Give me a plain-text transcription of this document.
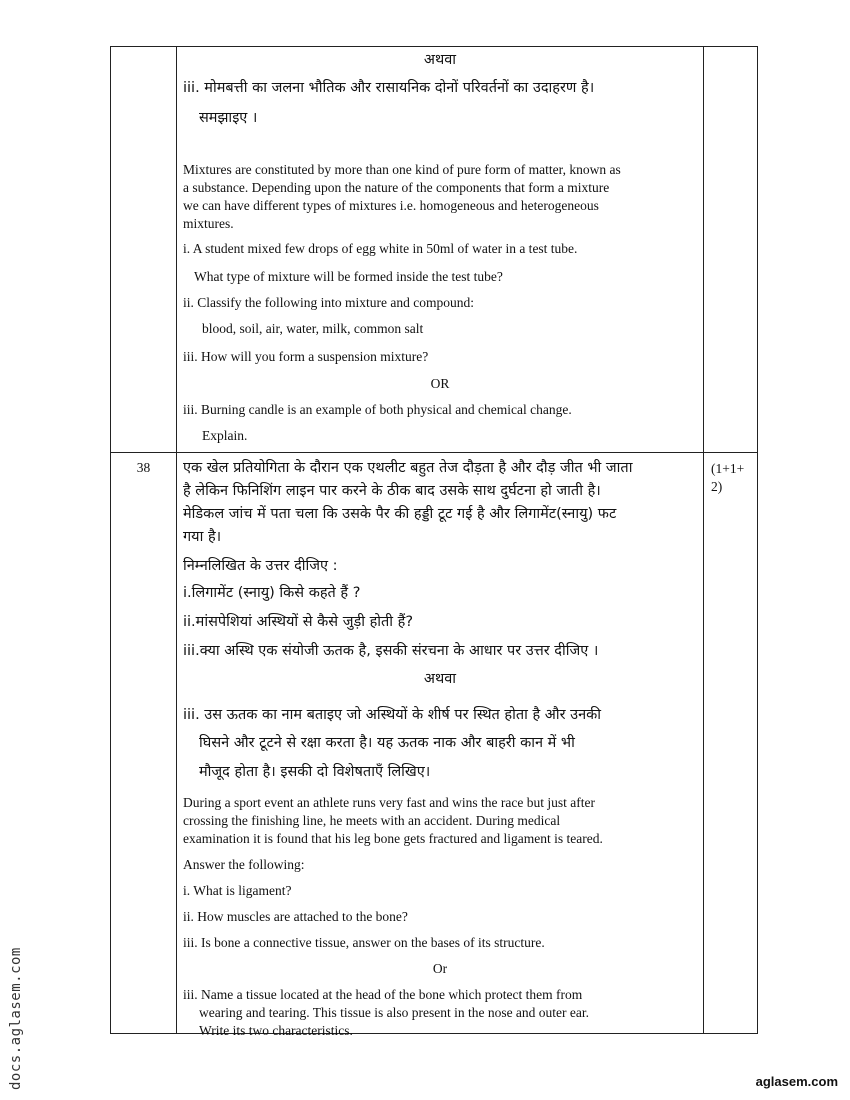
अथवा
iii. मोमबत्ती का जलना भौतिक और रासायनिक दोनों परिवर्तनों का उदाहरण है।
समझाइए ।
Mixtures are constituted by more than one kind of pure form of matter, known as
a substance. Depending upon the nature of the components that form a mixture
we can have different types of mixtures i.e. homogeneous and heterogeneous
mixtures.
i. A student mixed few drops of egg white in 50ml of water in a test tube.
What type of mixture will be formed inside the test tube?
ii. Classify the following into mixture and compound:
blood, soil, air, water, milk, common salt
iii. How will you form a suspension mixture?
OR
iii. Burning candle is an example of both physical and chemical change.
Explain.
38	(1+1+
2)
एक खेल प्रतियोगिता के दौरान एक एथलीट बहुत तेज दौड़ता है और दौड़ जीत भी जाता
है लेकिन फिनिशिंग लाइन पार करने के ठीक बाद उसके साथ दुर्घटना हो जाती है।
मेडिकल जांच में पता चला कि उसके पैर की हड्डी टूट गई है और लिगामेंट(स्नायु) फट
गया है।
निम्नलिखित के उत्तर दीजिए :
i.लिगामेंट (स्नायु) किसे कहते हैं ?
ii.मांसपेशियां अस्थियों से कैसे जुड़ी होती हैं?
iii.क्या अस्थि एक संयोजी ऊतक है, इसकी संरचना के आधार पर उत्तर दीजिए ।
अथवा
iii. उस ऊतक का नाम बताइए जो अस्थियों के शीर्ष पर स्थित होता है और उनकी
घिसने और टूटने से रक्षा करता है। यह ऊतक नाक और बाहरी कान में भी
मौजूद होता है। इसकी दो विशेषताएँ लिखिए।
During a sport event an athlete runs very fast and wins the race but just after
crossing the finishing line, he meets with an accident. During medical
examination it is found that his leg bone gets fractured and ligament is teared.
Answer the following:
i. What is ligament?
ii. How muscles are attached to the bone?
iii. Is bone a connective tissue, answer on the bases of its structure.
Or
iii. Name a tissue located at the head of the bone which protect them from
wearing and tearing. This tissue is also present in the nose and outer ear.
Write its two characteristics.
docs.aglasem.com	aglasem.com
